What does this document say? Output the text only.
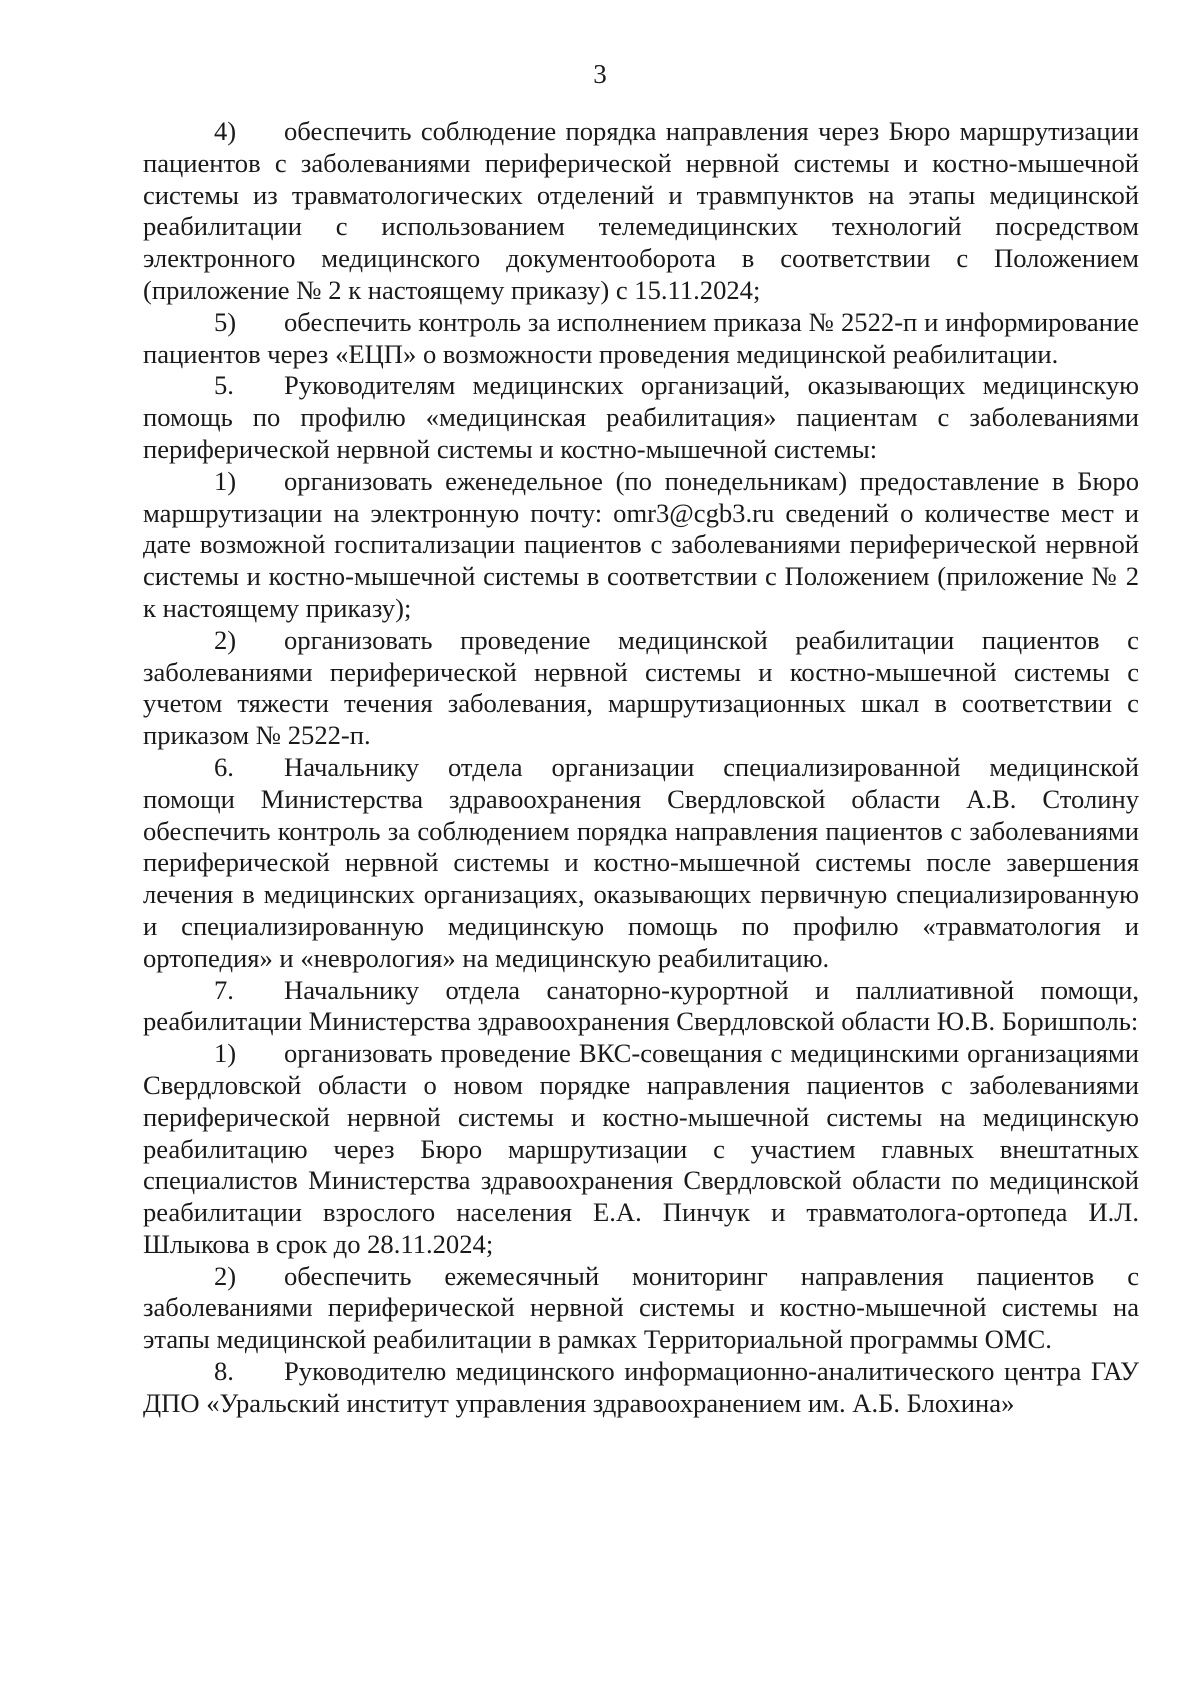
3

4) обеспечить соблюдение порядка направления через Бюро маршрутизации пациентов с заболеваниями периферической нервной системы и костно-мышечной системы из травматологических отделений и травмпунктов на этапы медицинской реабилитации с использованием телемедицинских технологий посредством электронного медицинского документооборота в соответствии с Положением (приложение № 2 к настоящему приказу) с 15.11.2024;

5) обеспечить контроль за исполнением приказа № 2522-п и информирование пациентов через «ЕЦП» о возможности проведения медицинской реабилитации.

5. Руководителям медицинских организаций, оказывающих медицинскую помощь по профилю «медицинская реабилитация» пациентам с заболеваниями периферической нервной системы и костно-мышечной системы:

1) организовать еженедельное (по понедельникам) предоставление в Бюро маршрутизации на электронную почту: omr3@cgb3.ru сведений о количестве мест и дате возможной госпитализации пациентов с заболеваниями периферической нервной системы и костно-мышечной системы в соответствии с Положением (приложение № 2 к настоящему приказу);

2) организовать проведение медицинской реабилитации пациентов с заболеваниями периферической нервной системы и костно-мышечной системы с учетом тяжести течения заболевания, маршрутизационных шкал в соответствии с приказом № 2522-п.

6. Начальнику отдела организации специализированной медицинской помощи Министерства здравоохранения Свердловской области А.В. Столину обеспечить контроль за соблюдением порядка направления пациентов с заболеваниями периферической нервной системы и костно-мышечной системы после завершения лечения в медицинских организациях, оказывающих первичную специализированную и специализированную медицинскую помощь по профилю «травматология и ортопедия» и «неврология» на медицинскую реабилитацию.

7. Начальнику отдела санаторно-курортной и паллиативной помощи, реабилитации Министерства здравоохранения Свердловской области Ю.В. Боришполь:

1) организовать проведение ВКС-совещания с медицинскими организациями Свердловской области о новом порядке направления пациентов с заболеваниями периферической нервной системы и костно-мышечной системы на медицинскую реабилитацию через Бюро маршрутизации с участием главных внештатных специалистов Министерства здравоохранения Свердловской области по медицинской реабилитации взрослого населения Е.А. Пинчук и травматолога-ортопеда И.Л. Шлыкова в срок до 28.11.2024;

2) обеспечить ежемесячный мониторинг направления пациентов с заболеваниями периферической нервной системы и костно-мышечной системы на этапы медицинской реабилитации в рамках Территориальной программы ОМС.

8. Руководителю медицинского информационно-аналитического центра ГАУ ДПО «Уральский институт управления здравоохранением им. А.Б. Блохина»
